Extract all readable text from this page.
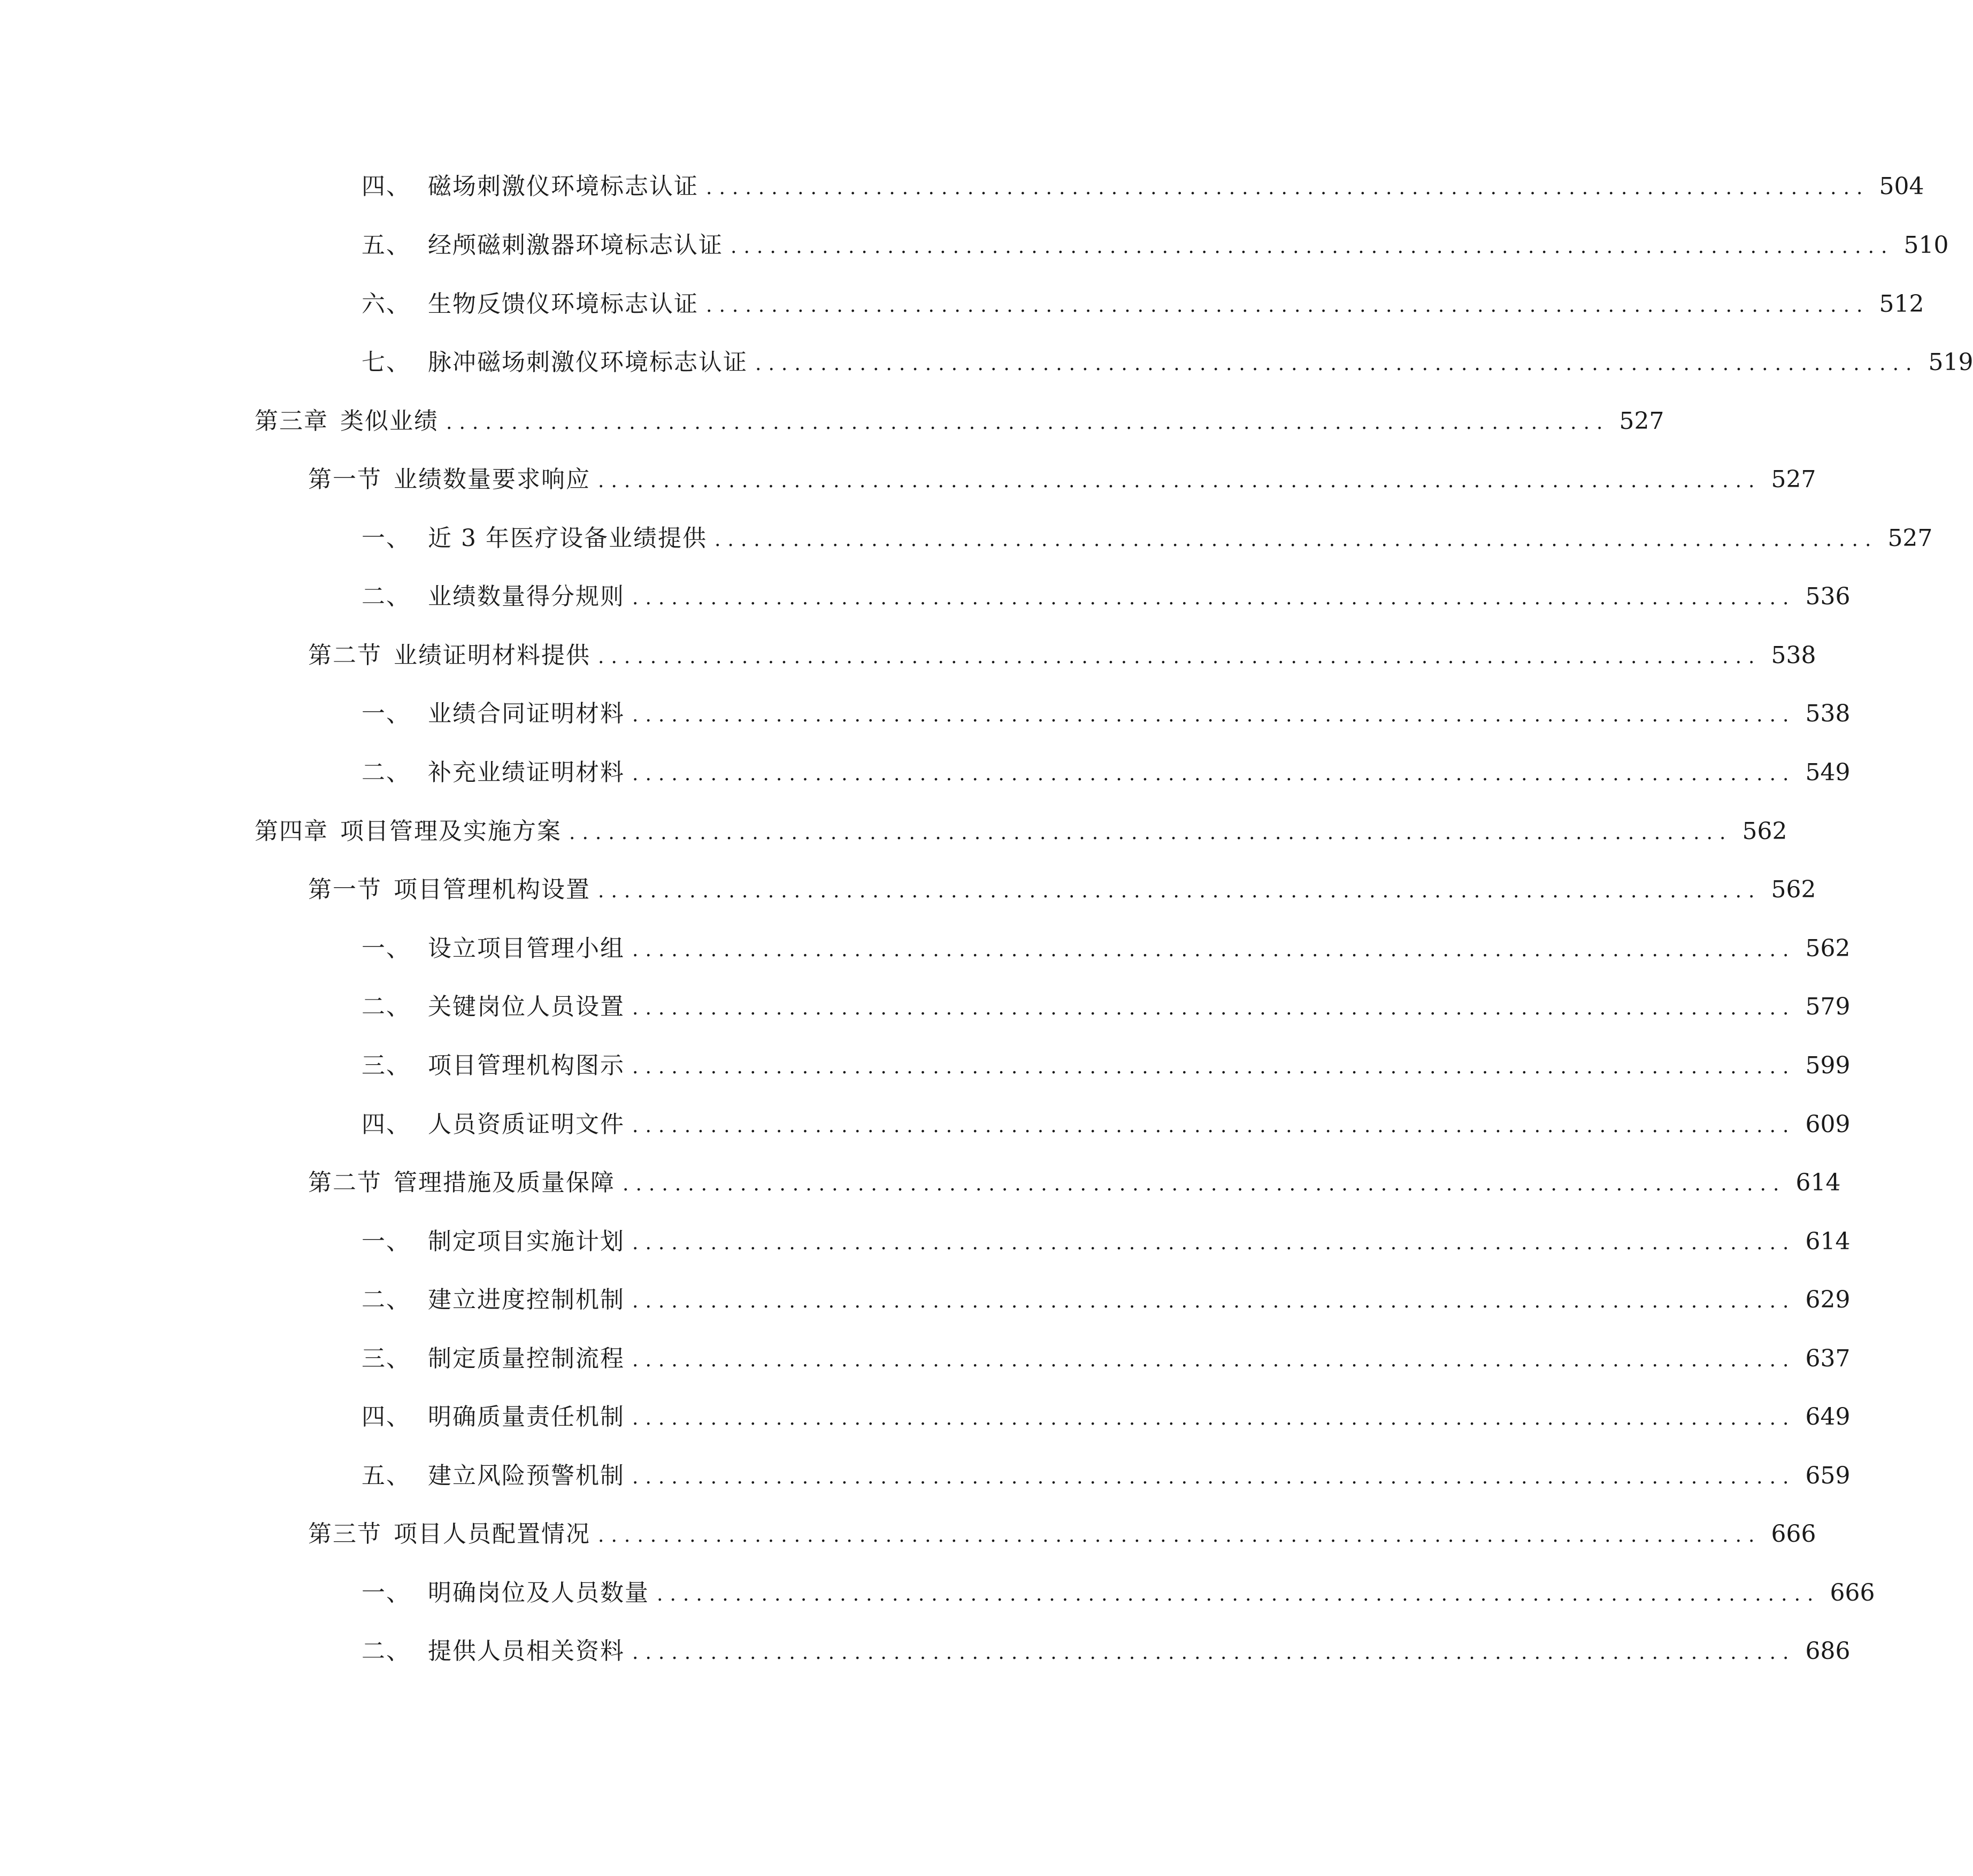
四、 磁场刺激仪环境标志认证 ......................................................................................... 504
五、 经颅磁刺激器环境标志认证 ......................................................................................... 510
六、 生物反馈仪环境标志认证 ......................................................................................... 512
七、 脉冲磁场刺激仪环境标志认证 ......................................................................................... 519
第三章 类似业绩 ......................................................................................... 527
第一节 业绩数量要求响应 ......................................................................................... 527
一、 近 3 年医疗设备业绩提供 ......................................................................................... 527
二、 业绩数量得分规则 ......................................................................................... 536
第二节 业绩证明材料提供 ......................................................................................... 538
一、 业绩合同证明材料 ......................................................................................... 538
二、 补充业绩证明材料 ......................................................................................... 549
第四章 项目管理及实施方案 ......................................................................................... 562
第一节 项目管理机构设置 ......................................................................................... 562
一、 设立项目管理小组 ......................................................................................... 562
二、 关键岗位人员设置 ......................................................................................... 579
三、 项目管理机构图示 ......................................................................................... 599
四、 人员资质证明文件 ......................................................................................... 609
第二节 管理措施及质量保障 ......................................................................................... 614
一、 制定项目实施计划 ......................................................................................... 614
二、 建立进度控制机制 ......................................................................................... 629
三、 制定质量控制流程 ......................................................................................... 637
四、 明确质量责任机制 ......................................................................................... 649
五、 建立风险预警机制 ......................................................................................... 659
第三节 项目人员配置情况 ......................................................................................... 666
一、 明确岗位及人员数量 ......................................................................................... 666
二、 提供人员相关资料 ......................................................................................... 686
